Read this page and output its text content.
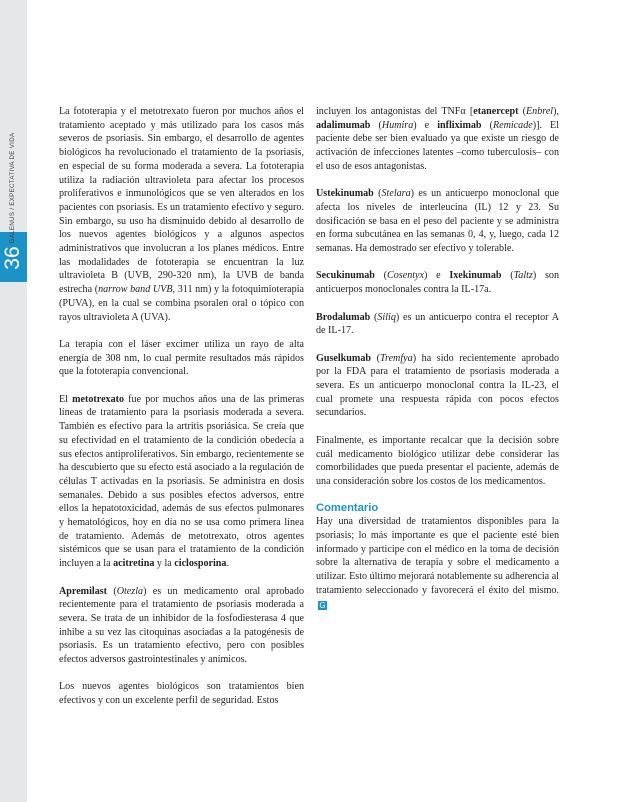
36
GALENUS / EXPECTATIVA DE VIDA

La fototerapia y el metotrexato fueron por muchos años el tratamiento aceptado y más utilizado para los casos más severos de psoriasis. Sin embargo, el desarrollo de agentes biológicos ha revolucionado el tratamiento de la psoriasis, en especial de su forma moderada a severa. La fototerapia utiliza la radiación ultravioleta para afectar los procesos proliferativos e inmunológicos que se ven alterados en los pacientes con psoriasis. Es un tratamiento efectivo y seguro. Sin embargo, su uso ha disminuido debido al desarrollo de los nuevos agentes biológicos y a algunos aspectos administrativos que involucran a los planes médicos. Entre las modalidades de fototerapia se encuentran la luz ultravioleta B (UVB, 290-320 nm), la UVB de banda estrecha (narrow band UVB, 311 nm) y la fotoquimioterapia (PUVA), en la cual se combina psoralen oral o tópico con rayos ultravioleta A (UVA).

La terapia con el láser excimer utiliza un rayo de alta energía de 308 nm, lo cual permite resultados más rápidos que la fototerapia convencional.

El metotrexato fue por muchos años una de las primeras líneas de tratamiento para la psoriasis moderada a severa. También es efectivo para la artritis psoriásica. Se creía que su efectividad en el tratamiento de la condición obedecía a sus efectos antiproliferativos. Sin embargo, recientemente se ha descubierto que su efecto está asociado a la regulación de células T activadas en la psoriasis. Se administra en dosis semanales. Debido a sus posibles efectos adversos, entre ellos la hepatotoxicidad, además de sus efectos pulmonares y hematológicos, hoy en día no se usa como primera línea de tratamiento. Además de metotrexato, otros agentes sistémicos que se usan para el tratamiento de la condición incluyen a la acitretina y la ciclosporina.

Apremilast (Otezla) es un medicamento oral aprobado recientemente para el tratamiento de psoriasis moderada a severa. Se trata de un inhibidor de la fosfodiesterasa 4 que inhibe a su vez las citoquinas asociadas a la patogénesis de psoriasis. Es un tratamiento efectivo, pero con posibles efectos adversos gastrointestinales y anímicos.

Los nuevos agentes biológicos son tratamientos bien efectivos y con un excelente perfil de seguridad. Estos

incluyen los antagonistas del TNFα [etanercept (Enbrel), adalimumab (Humira) e infliximab (Remicade)]. El paciente debe ser bien evaluado ya que existe un riesgo de activación de infecciones latentes –como tuberculosis– con el uso de esos antagonistas.

Ustekinumab (Stelara) es un anticuerpo monoclonal que afecta los niveles de interleucina (IL) 12 y 23. Su dosificación se basa en el peso del paciente y se administra en forma subcutánea en las semanas 0, 4, y, luego, cada 12 semanas. Ha demostrado ser efectivo y tolerable.

Secukinumab (Cosentyx) e Ixekinumab (Taltz) son anticuerpos monoclonales contra la IL-17a.

Brodalumab (Siliq) es un anticuerpo contra el receptor A de IL-17.

Guselkumab (Tremfya) ha sido recientemente aprobado por la FDA para el tratamiento de psoriasis moderada a severa. Es un anticuerpo monoclonal contra la IL-23, el cual promete una respuesta rápida con pocos efectos secundarios.

Finalmente, es importante recalcar que la decisión sobre cuál medicamento biológico utilizar debe considerar las comorbilidades que pueda presentar el paciente, además de una consideración sobre los costos de los medicamentos.

Comentario

Hay una diversidad de tratamientos disponibles para la psoriasis; lo más importante es que el paciente esté bien informado y participe con el médico en la toma de decisión sobre la alternativa de terapia y sobre el medicamento a utilizar. Esto último mejorará notablemente su adherencia al tratamiento seleccionado y favorecerá el éxito del mismo.G
